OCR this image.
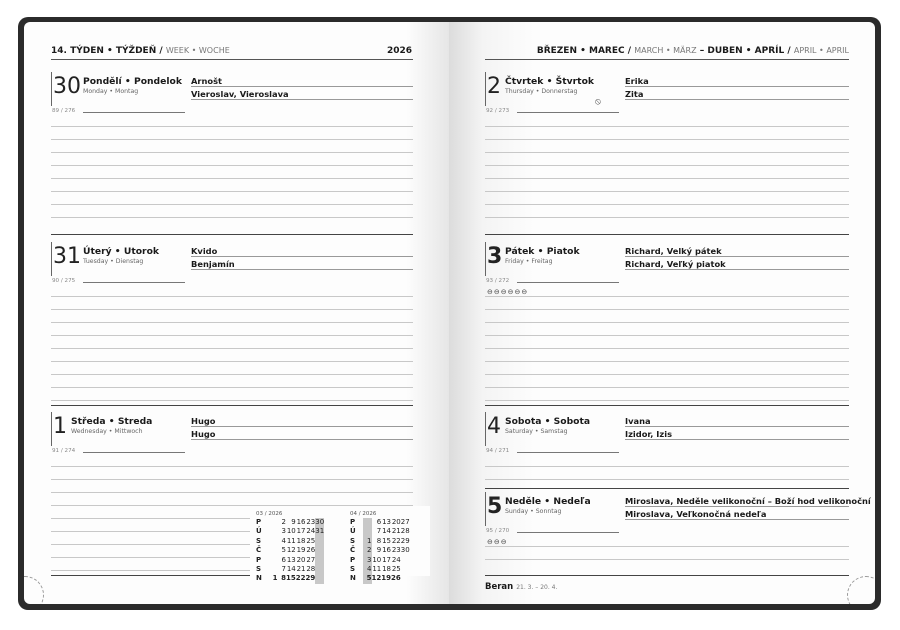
14. TÝDEN • TÝŽDEŇ / WEEK • WOCHE	2026
30 Pondělí • Pondelok
Monday • Montag
89 / 276
Arnošt
Vieroslav, Vieroslava
31 Úterý • Utorok
Tuesday • Dienstag
90 / 275
Kvido
Benjamín
1 Středa • Streda
Wednesday • Mittwoch
91 / 274
Hugo
Hugo
03 / 2026
P		2	9	16	23	30
Ú		3	10	17	24	31
S		4	11	18	25	
Č		5	12	19	26	
P		6	13	20	27	
S		7	14	21	28	
N	1	8	15	22	29	
04 / 2026
P		6	13	20	27
Ú		7	14	21	28
S	1	8	15	22	29
Č	2	9	16	23	30
P	3	10	17	24	
S	4	11	18	25	
N	5	12	19	26	
BŘEZEN • MAREC / MARCH • MÄRZ – DUBEN • APRÍL / APRIL • APRIL
2 Čtvrtek • Štvrtok
Thursday • Donnerstag
92 / 273
Erika
Zita
⦸
3 Pátek • Piatok
Friday • Freitag
93 / 272
Richard, Velký pátek
Richard, Veľký piatok
⊖⊖⊖⊖⊖⊖
4 Sobota • Sobota
Saturday • Samstag
94 / 271
Ivana
Izidor, Izis
5 Neděle • Nedeľa
Sunday • Sonntag
95 / 270
Miroslava, Neděle velikonoční – Boží hod velikonoční
Miroslava, Veľkonočná nedeľa
⊖⊖⊖
Beran 21. 3. – 20. 4.
